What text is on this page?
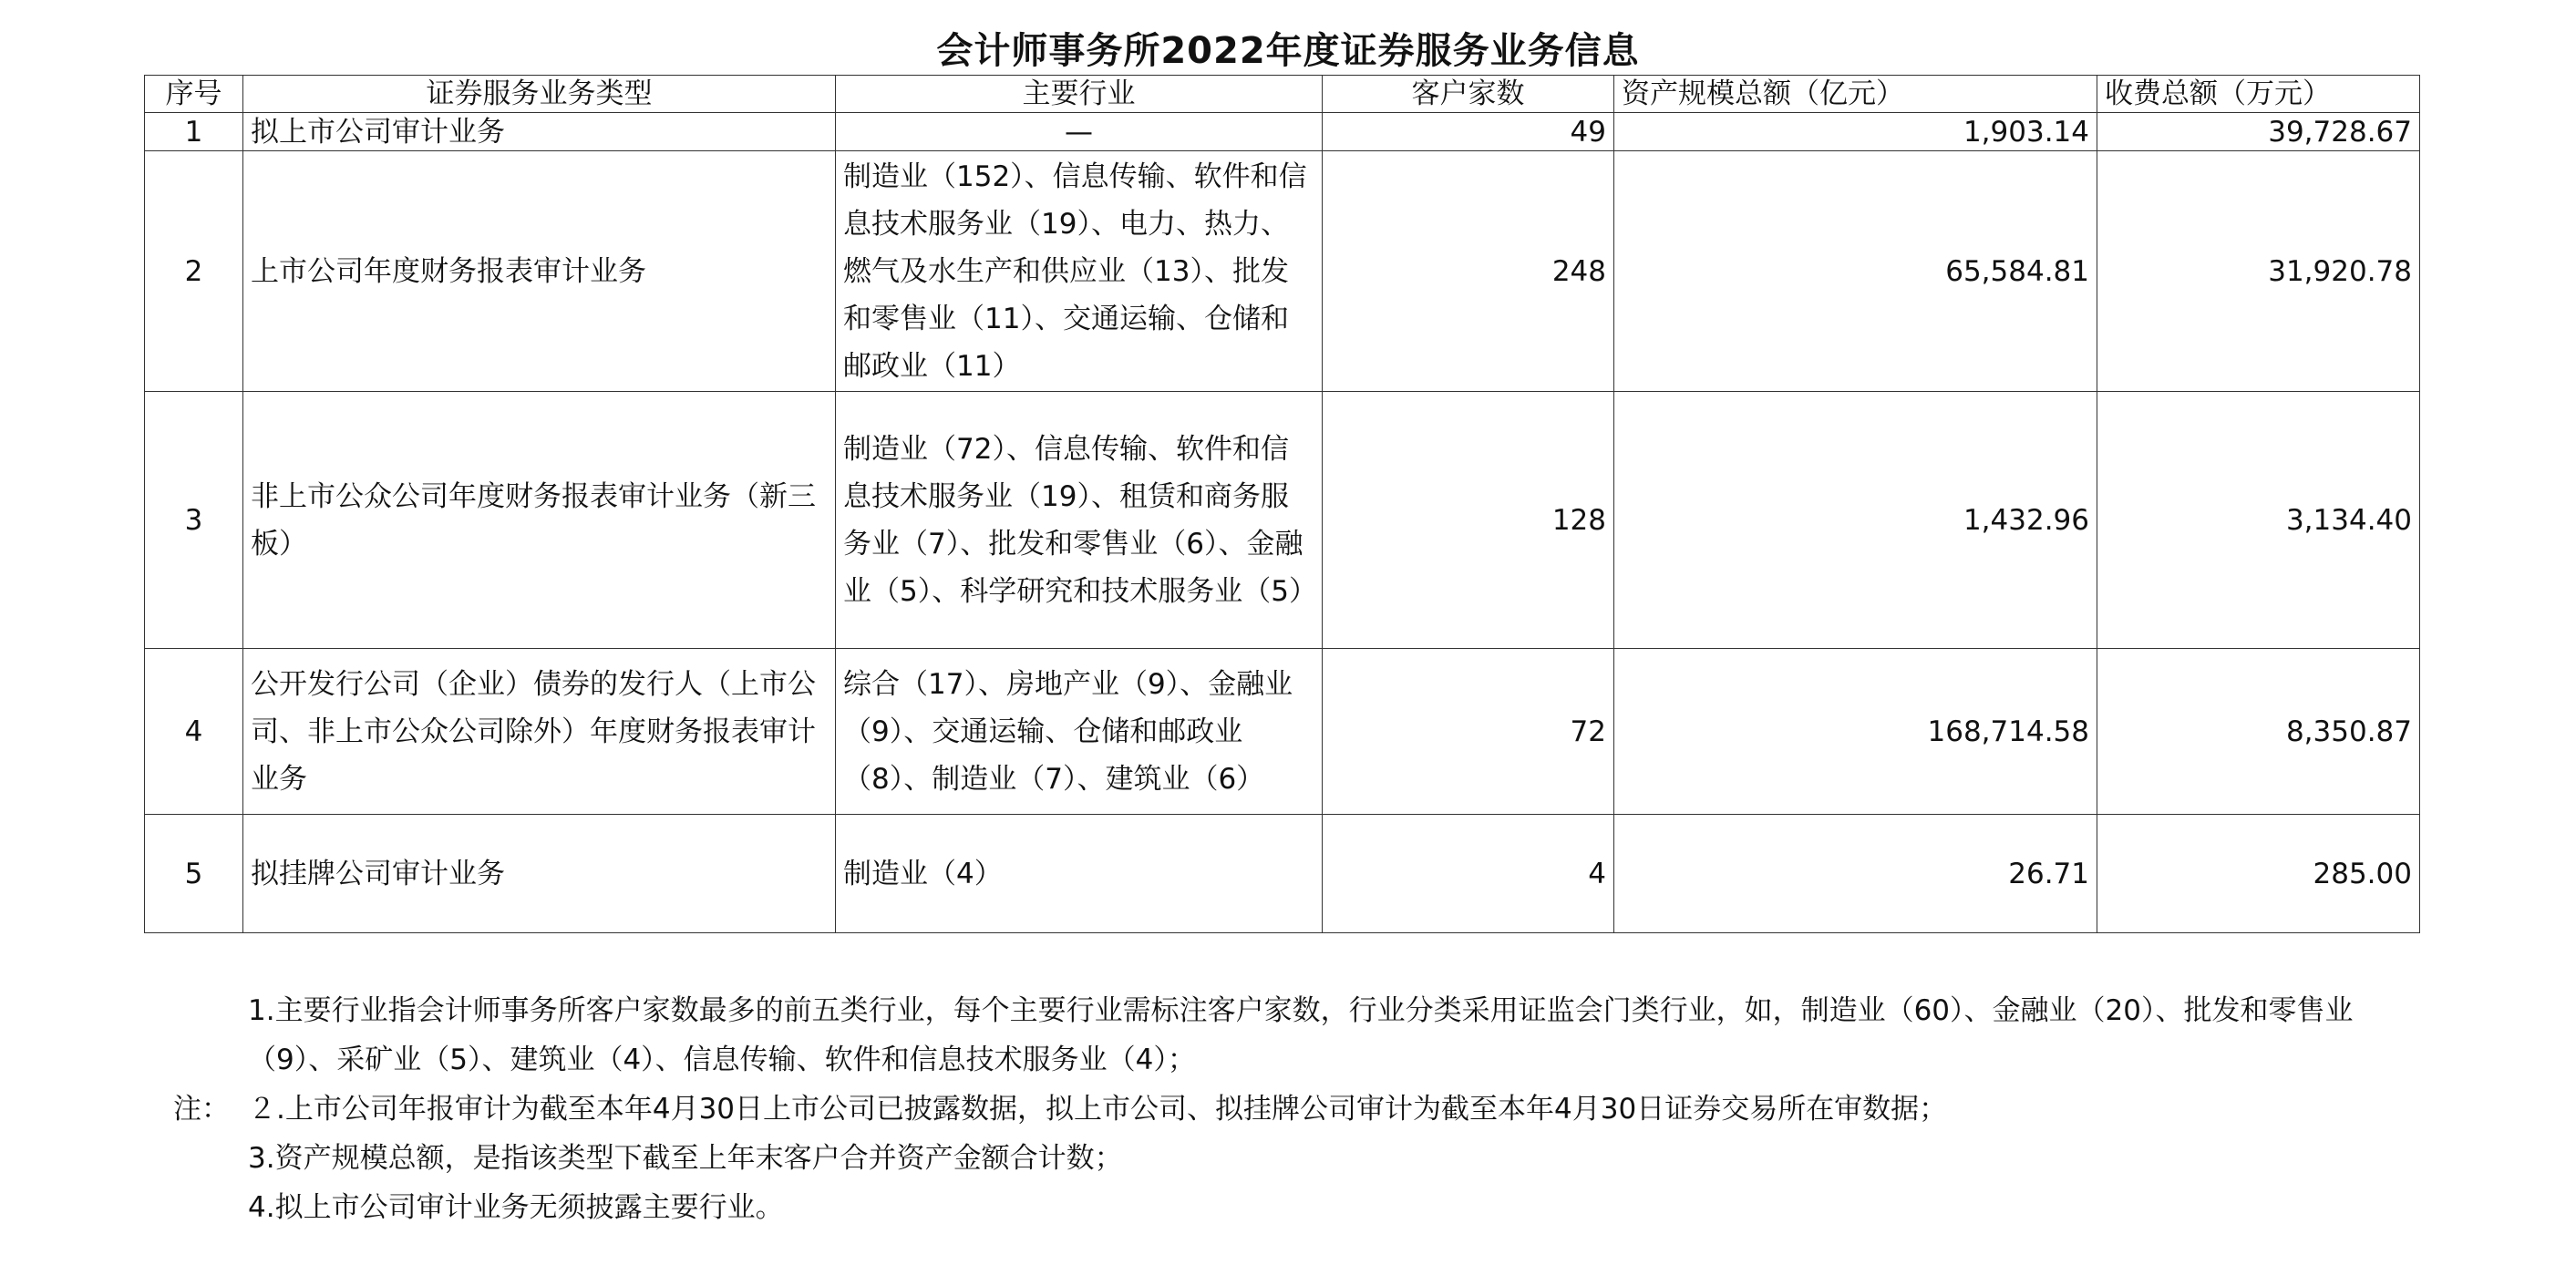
会计师事务所2022年度证券服务业务信息
序号	证券服务业务类型	主要行业	客户家数	资产规模总额（亿元）	收费总额（万元）
1	拟上市公司审计业务	—	49	1,903.14	39,728.67
2	上市公司年度财务报表审计业务	制造业（152）、信息传输、软件和信息技术服务业（19）、电力、热力、燃气及水生产和供应业（13）、批发和零售业（11）、交通运输、仓储和邮政业（11）	248	65,584.81	31,920.78
3	非上市公众公司年度财务报表审计业务（新三板）	制造业（72）、信息传输、软件和信息技术服务业（19）、租赁和商务服务业（7）、批发和零售业（6）、金融业（5）、科学研究和技术服务业（5）	128	1,432.96	3,134.40
4	公开发行公司（企业）债券的发行人（上市公司、非上市公众公司除外）年度财务报表审计业务	综合（17）、房地产业（9）、金融业（9）、交通运输、仓储和邮政业（8）、制造业（7）、建筑业（6）	72	168,714.58	8,350.87
5	拟挂牌公司审计业务	制造业（4）	4	26.71	285.00
1.主要行业指会计师事务所客户家数最多的前五类行业，每个主要行业需标注客户家数，行业分类采用证监会门类行业，如，制造业（60）、金融业（20）、批发和零售业（9）、采矿业（5）、建筑业（4）、信息传输、软件和信息技术服务业（4）；
注： ２.上市公司年报审计为截至本年4月30日上市公司已披露数据，拟上市公司、拟挂牌公司审计为截至本年4月30日证券交易所在审数据；
3.资产规模总额，是指该类型下截至上年末客户合并资产金额合计数；
4.拟上市公司审计业务无须披露主要行业。
